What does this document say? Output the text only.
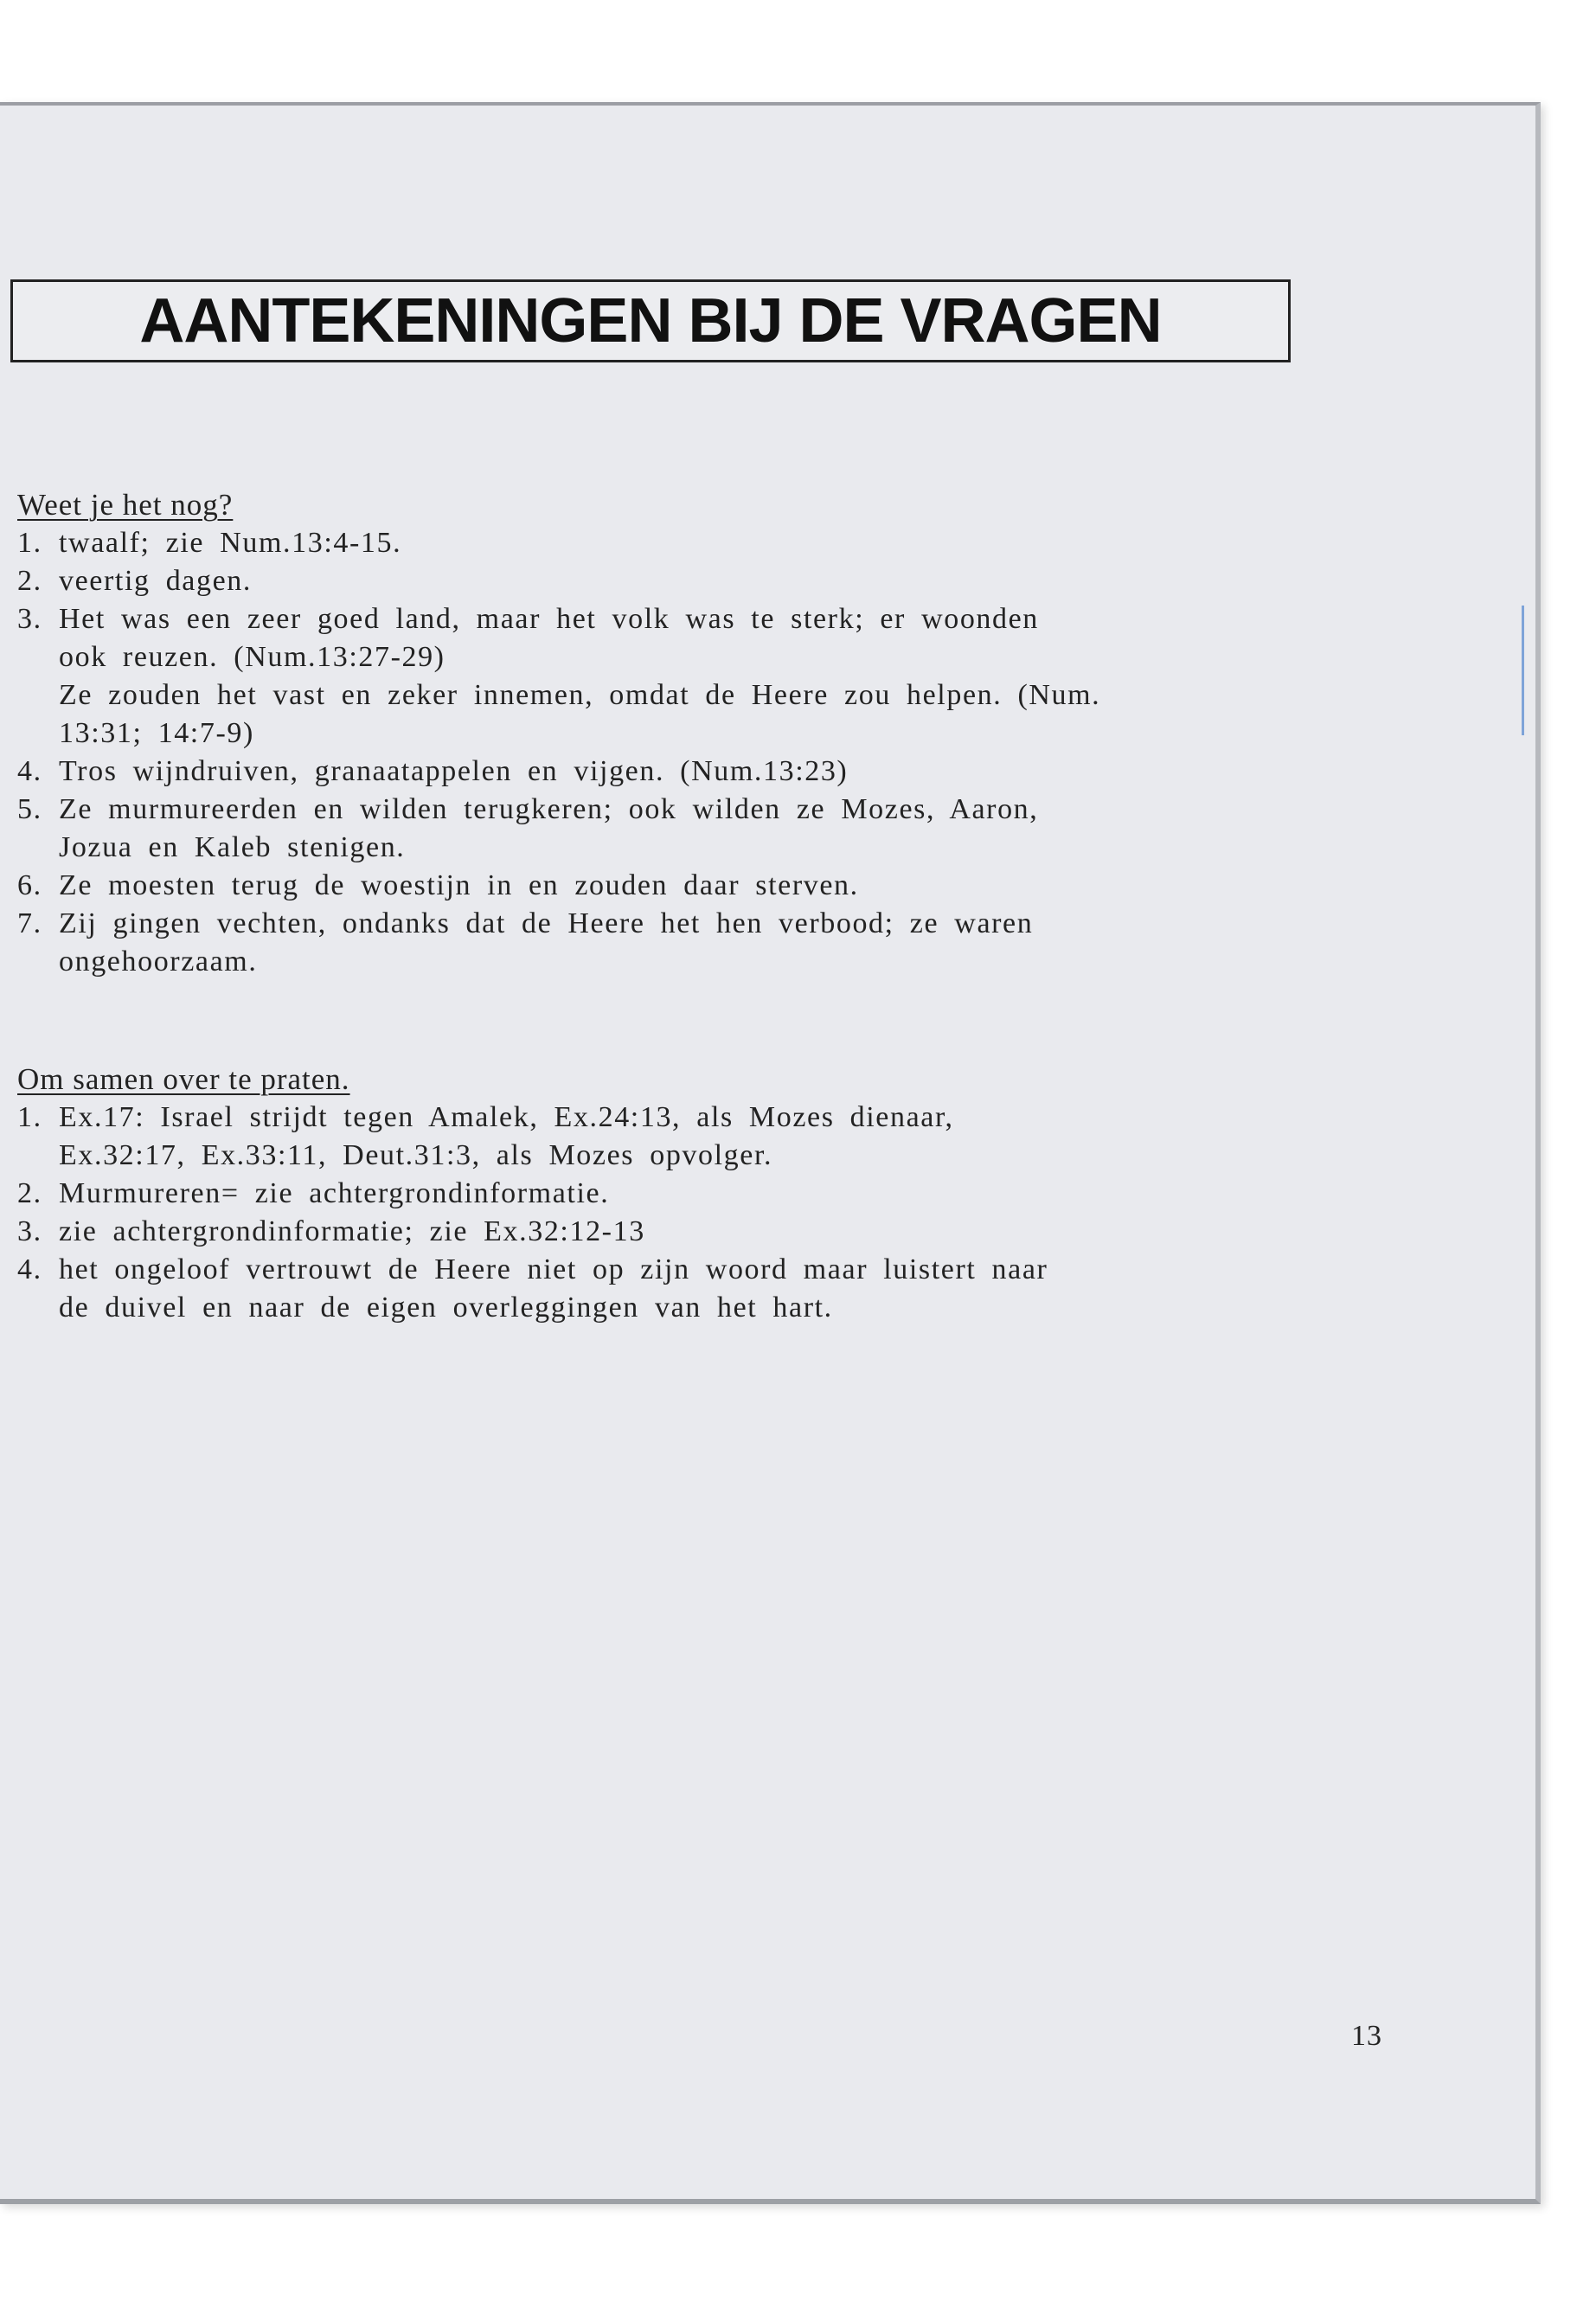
AANTEKENINGEN BIJ DE VRAGEN

Weet je het nog?

1. twaalf; zie Num.13:4-15.
2. veertig dagen.
3. Het was een zeer goed land, maar het volk was te sterk; er woonden
ook reuzen. (Num.13:27-29)
Ze zouden het vast en zeker innemen, omdat de Heere zou helpen. (Num.
13:31; 14:7-9)
4. Tros wijndruiven, granaatappelen en vijgen. (Num.13:23)
5. Ze murmureerden en wilden terugkeren; ook wilden ze Mozes, Aaron,
Jozua en Kaleb stenigen.
6. Ze moesten terug de woestijn in en zouden daar sterven.
7. Zij gingen vechten, ondanks dat de Heere het hen verbood; ze waren
ongehoorzaam.

Om samen over te praten.

1. Ex.17: Israel strijdt tegen Amalek, Ex.24:13, als Mozes dienaar,
Ex.32:17, Ex.33:11, Deut.31:3, als Mozes opvolger.
2. Murmureren= zie achtergrondinformatie.
3. zie achtergrondinformatie; zie Ex.32:12-13
4. het ongeloof vertrouwt de Heere niet op zijn woord maar luistert naar
de duivel en naar de eigen overleggingen van het hart.
13
